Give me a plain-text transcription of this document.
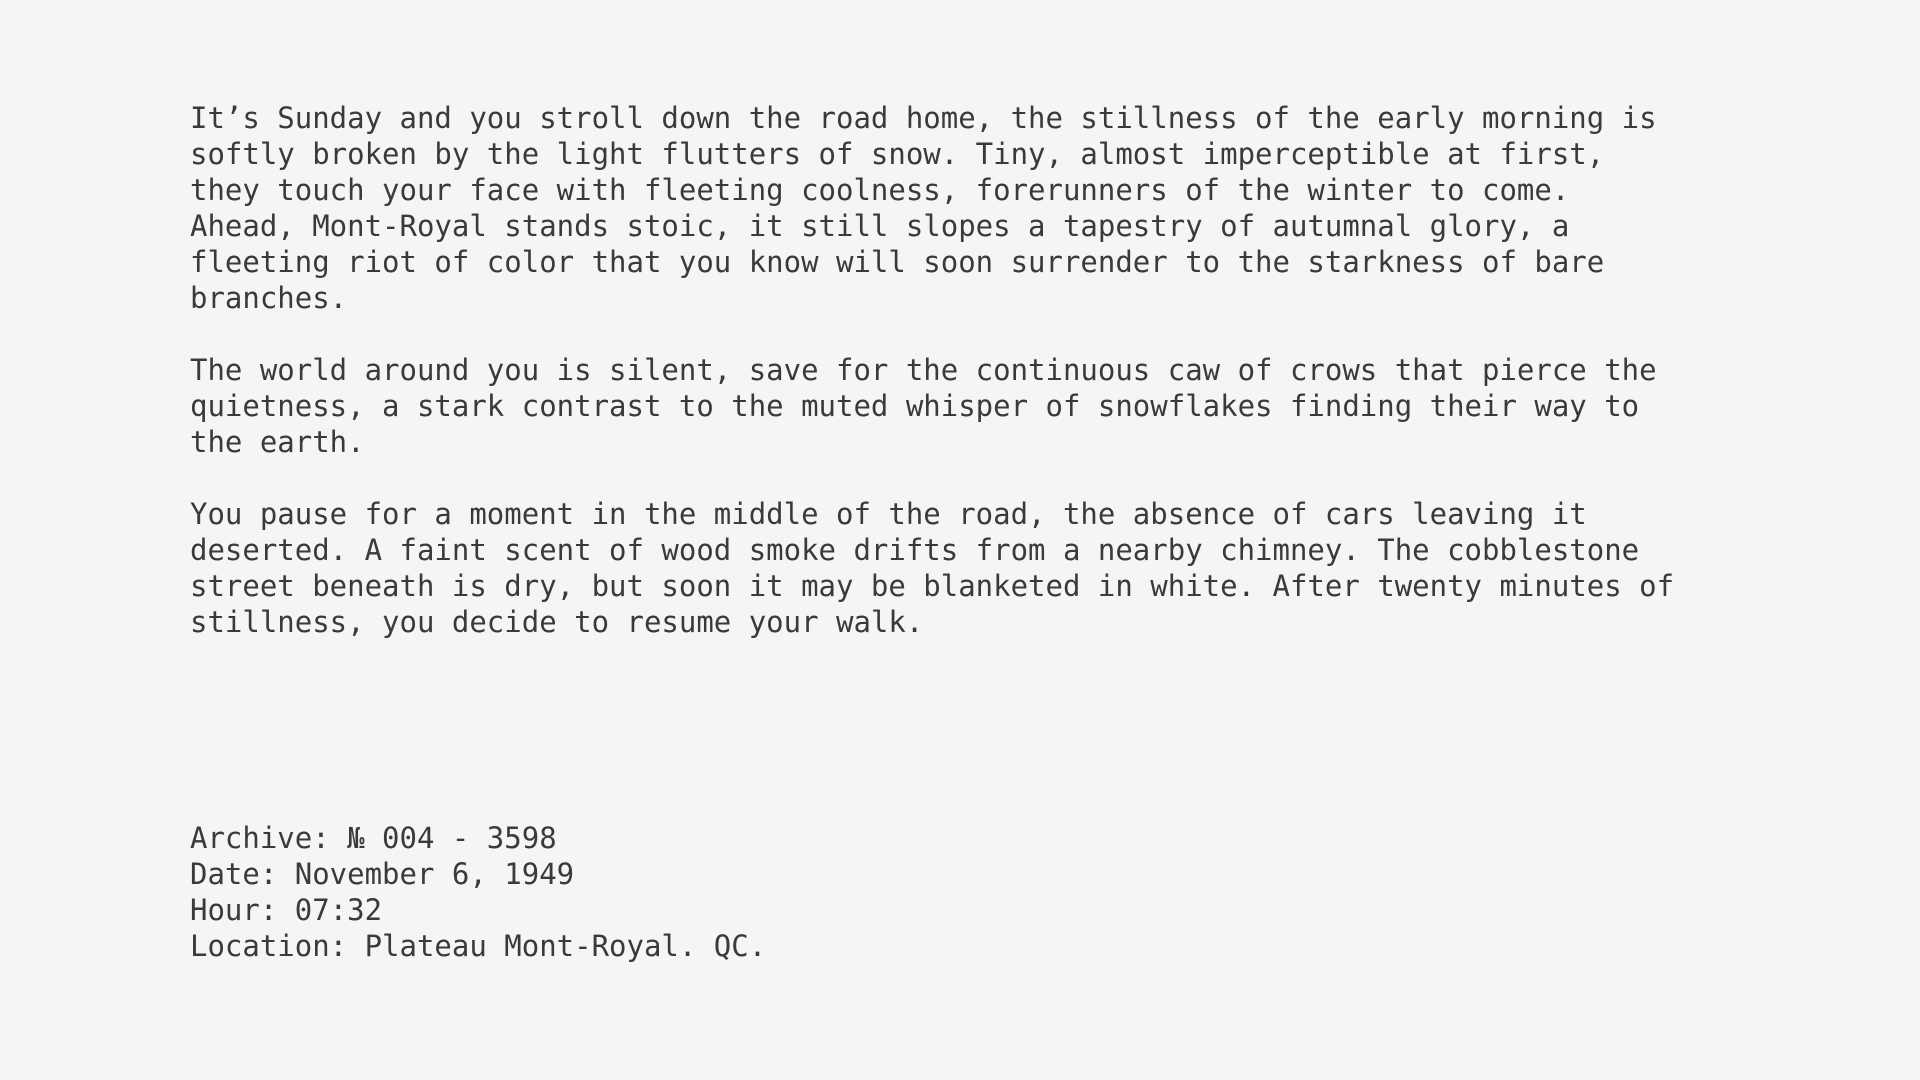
It’s Sunday and you stroll down the road home, the stillness of the early morning is
softly broken by the light flutters of snow. Tiny, almost imperceptible at first,
they touch your face with fleeting coolness, forerunners of the winter to come.
Ahead, Mont-Royal stands stoic, it still slopes a tapestry of autumnal glory, a
fleeting riot of color that you know will soon surrender to the starkness of bare
branches.

The world around you is silent, save for the continuous caw of crows that pierce the
quietness, a stark contrast to the muted whisper of snowflakes finding their way to
the earth.

You pause for a moment in the middle of the road, the absence of cars leaving it
deserted. A faint scent of wood smoke drifts from a nearby chimney. The cobblestone
street beneath is dry, but soon it may be blanketed in white. After twenty minutes of
stillness, you decide to resume your walk.

Archive: № 004 - 3598
Date: November 6, 1949
Hour: 07:32
Location: Plateau Mont-Royal. QC.
